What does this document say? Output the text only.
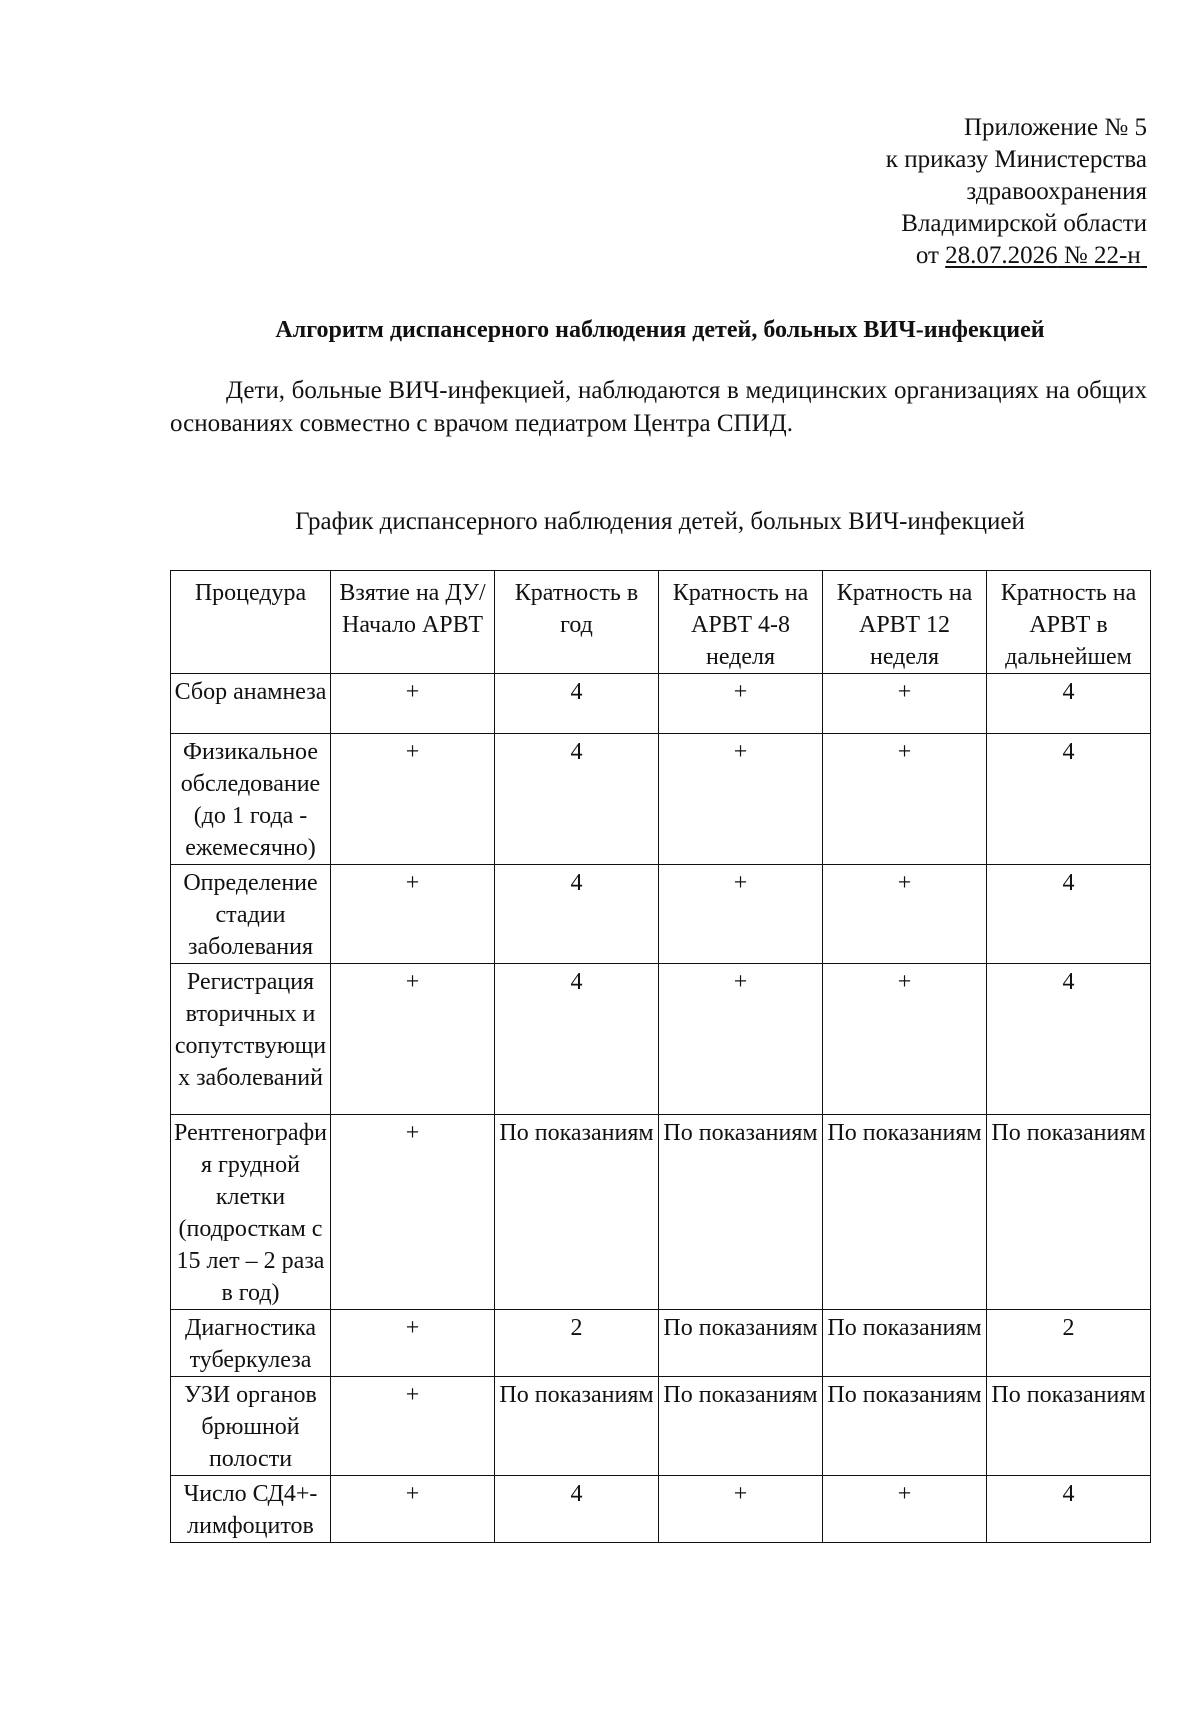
Приложение № 5
к приказу Министерства
здравоохранения
Владимирской области
от 28.07.2026 № 22-н
Алгоритм диспансерного наблюдения детей, больных ВИЧ-инфекцией

Дети, больные ВИЧ-инфекцией, наблюдаются в медицинских организациях на общих основаниях совместно с врачом педиатром Центра СПИД.

График диспансерного наблюдения детей, больных ВИЧ-инфекцией
Процедура	Взятие на ДУ/ Начало АРВТ	Кратность в год	Кратность на АРВТ 4-8 неделя	Кратность на АРВТ 12 неделя	Кратность на АРВТ в дальнейшем
Сбор анамнеза	+	4	+	+	4
Физикальное обследование (до 1 года - ежемесячно)	+	4	+	+	4
Определение стадии заболевания	+	4	+	+	4
Регистрация вторичных и сопутствующих заболеваний	+	4	+	+	4
Рентгенография грудной клетки (подросткам с 15 лет – 2 раза в год)	+	По показаниям	По показаниям	По показаниям	По показаниям
Диагностика туберкулеза	+	2	По показаниям	По показаниям	2
УЗИ органов брюшной полости	+	По показаниям	По показаниям	По показаниям	По показаниям
Число СД4+-лимфоцитов	+	4	+	+	4
